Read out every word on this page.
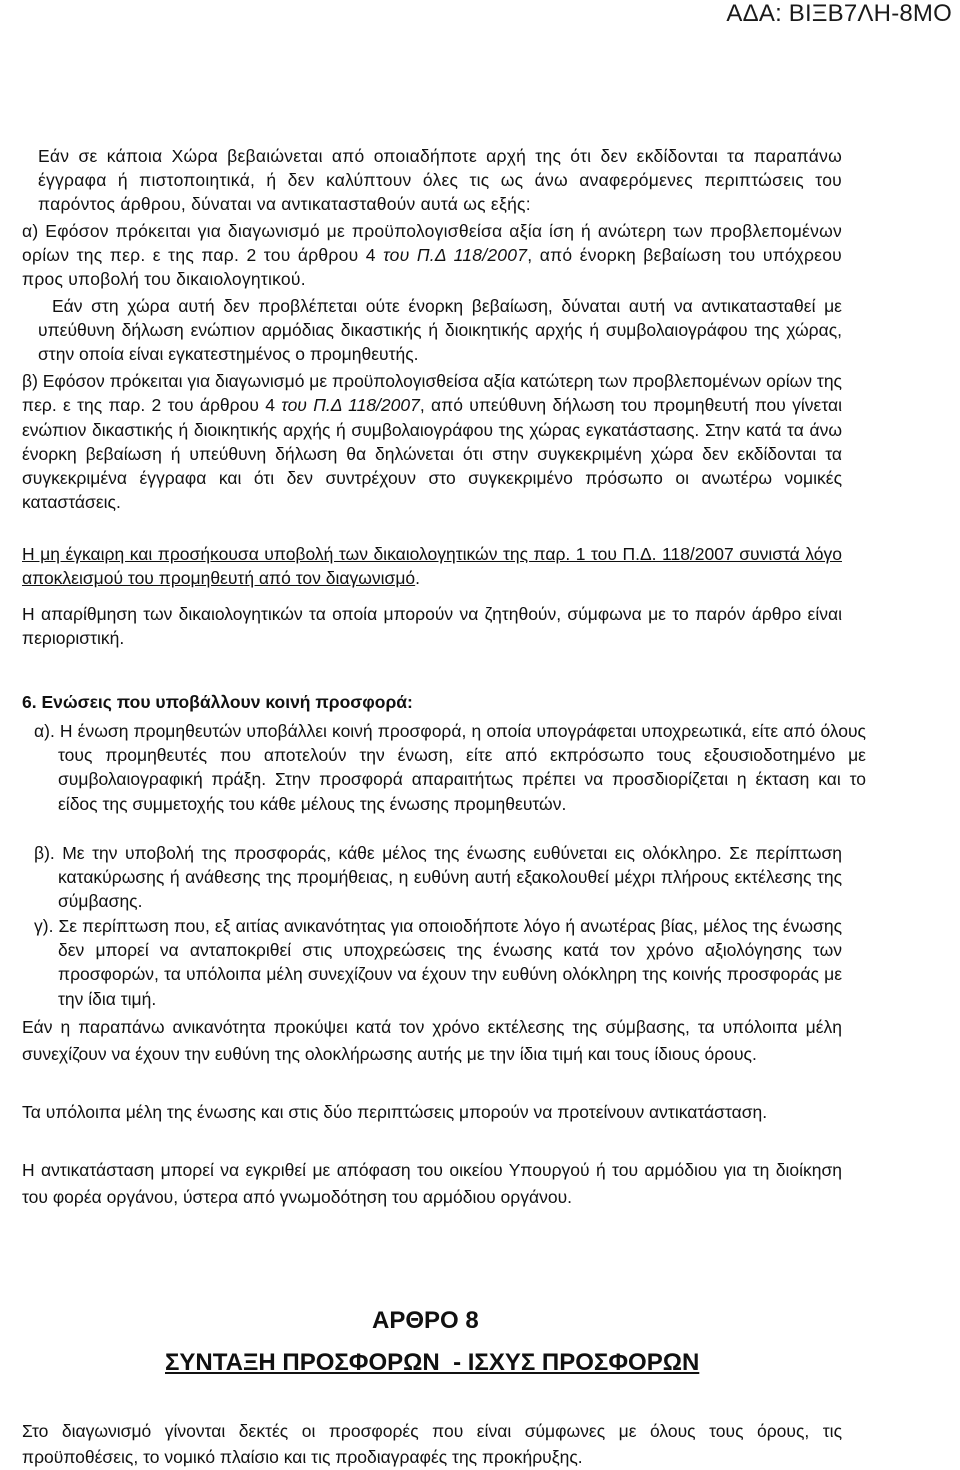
ΑΔΑ: ΒΙΞΒ7ΛΗ-8ΜΟ

Εάν σε κάποια Χώρα βεβαιώνεται από οποιαδήποτε αρχή της ότι δεν εκδίδονται τα παραπάνω έγγραφα ή πιστοποιητικά, ή δεν καλύπτουν όλες τις ως άνω αναφερόμενες περιπτώσεις του παρόντος άρθρου, δύναται να αντικατασταθούν αυτά ως εξής:

α) Εφόσον πρόκειται για διαγωνισμό με προϋπολογισθείσα αξία ίση ή ανώτερη των προβλεπομένων ορίων της περ. ε της παρ. 2 του άρθρου 4 του Π.Δ 118/2007, από ένορκη βεβαίωση του υπόχρεου προς υποβολή του δικαιολογητικού.

Εάν στη χώρα αυτή δεν προβλέπεται ούτε ένορκη βεβαίωση, δύναται αυτή να αντικατασταθεί με υπεύθυνη δήλωση ενώπιον αρμόδιας δικαστικής ή διοικητικής αρχής ή συμβολαιογράφου της χώρας, στην οποία είναι εγκατεστημένος ο προμηθευτής.

β) Εφόσον πρόκειται για διαγωνισμό με προϋπολογισθείσα αξία κατώτερη των προβλεπομένων ορίων της περ. ε της παρ. 2 του άρθρου 4 του Π.Δ 118/2007, από υπεύθυνη δήλωση του προμηθευτή που γίνεται ενώπιον δικαστικής ή διοικητικής αρχής ή συμβολαιογράφου της χώρας εγκατάστασης. Στην κατά τα άνω ένορκη βεβαίωση ή υπεύθυνη δήλωση θα δηλώνεται ότι στην συγκεκριμένη χώρα δεν εκδίδονται τα συγκεκριμένα έγγραφα και ότι δεν συντρέχουν στο συγκεκριμένο πρόσωπο οι ανωτέρω νομικές καταστάσεις.

Η μη έγκαιρη και προσήκουσα υποβολή των δικαιολογητικών της παρ. 1 του Π.Δ. 118/2007 συνιστά λόγο αποκλεισμού του προμηθευτή από τον διαγωνισμό.

Η απαρίθμηση των δικαιολογητικών τα οποία μπορούν να ζητηθούν, σύμφωνα με το παρόν άρθρο είναι περιοριστική.

6. Ενώσεις που υποβάλλουν κοινή προσφορά:

α). Η ένωση προμηθευτών υποβάλλει κοινή προσφορά, η οποία υπογράφεται υποχρεωτικά, είτε από όλους τους προμηθευτές που αποτελούν την ένωση, είτε από εκπρόσωπο τους εξουσιοδοτημένο με συμβολαιογραφική πράξη. Στην προσφορά απαραιτήτως πρέπει να προσδιορίζεται η έκταση και το είδος της συμμετοχής του κάθε μέλους της ένωσης προμηθευτών.

β). Με την υποβολή της προσφοράς, κάθε μέλος της ένωσης ευθύνεται εις ολόκληρο. Σε περίπτωση κατακύρωσης ή ανάθεσης της προμήθειας, η ευθύνη αυτή εξακολουθεί μέχρι πλήρους εκτέλεσης της σύμβασης.

γ). Σε περίπτωση που, εξ αιτίας ανικανότητας για οποιοδήποτε λόγο ή ανωτέρας βίας, μέλος της ένωσης δεν μπορεί να ανταποκριθεί στις υποχρεώσεις της ένωσης κατά τον χρόνο αξιολόγησης των προσφορών, τα υπόλοιπα μέλη συνεχίζουν να έχουν την ευθύνη ολόκληρη της κοινής προσφοράς με την ίδια τιμή.

Εάν η παραπάνω ανικανότητα προκύψει κατά τον χρόνο εκτέλεσης της σύμβασης, τα υπόλοιπα μέλη συνεχίζουν να έχουν την ευθύνη της ολοκλήρωσης αυτής με την ίδια τιμή και τους ίδιους όρους.

Τα υπόλοιπα μέλη της ένωσης και στις δύο περιπτώσεις μπορούν να προτείνουν αντικατάσταση.

Η αντικατάσταση μπορεί να εγκριθεί με απόφαση του οικείου Υπουργού ή του αρμόδιου για τη διοίκηση του φορέα οργάνου, ύστερα από γνωμοδότηση του αρμόδιου οργάνου.

ΑΡΘΡΟ 8
ΣΥΝΤΑΞΗ ΠΡΟΣΦΟΡΩΝ  - ΙΣΧΥΣ ΠΡΟΣΦΟΡΩΝ

Στο διαγωνισμό γίνονται δεκτές οι προσφορές που είναι σύμφωνες με όλους τους όρους, τις προϋποθέσεις, το νομικό πλαίσιο και τις προδιαγραφές της προκήρυξης.
